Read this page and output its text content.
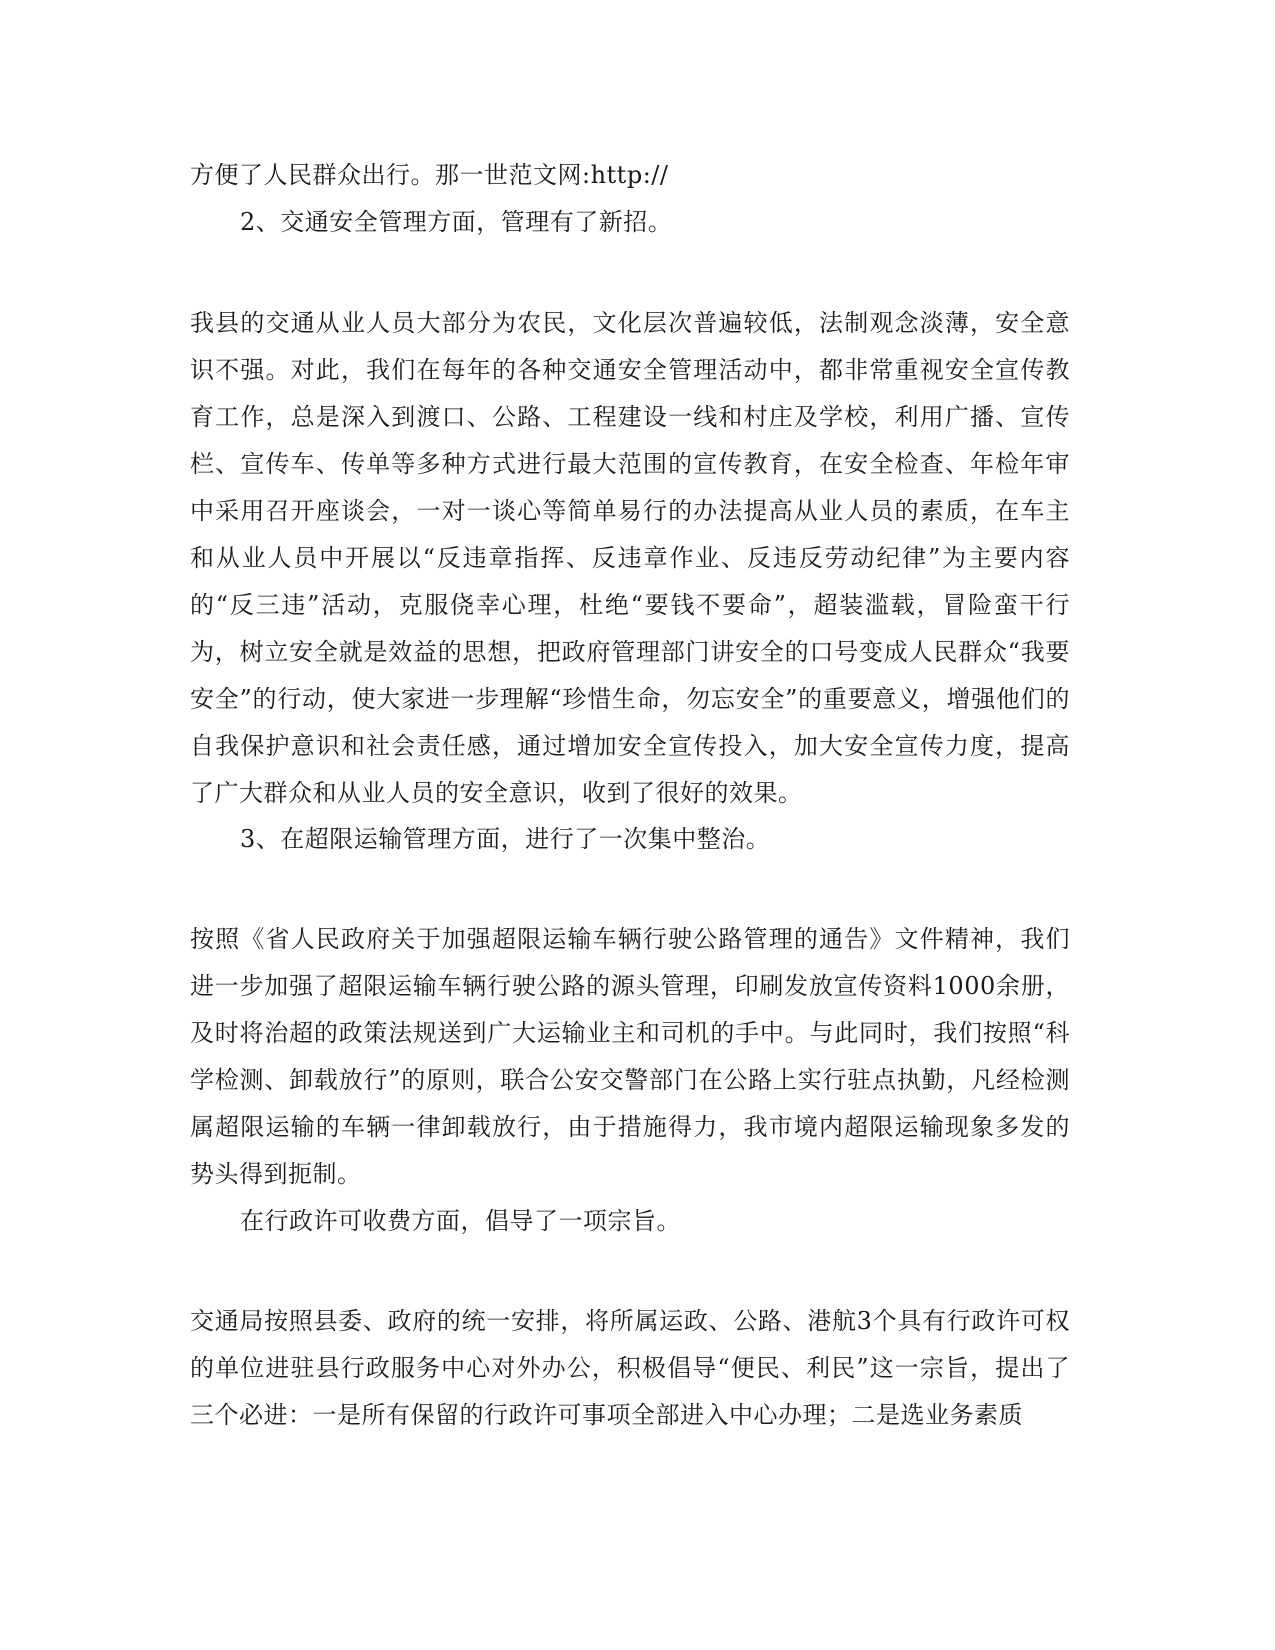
方便了人民群众出行。那一世范文网:http://

2、交通安全管理方面，管理有了新招。

我县的交通从业人员大部分为农民，文化层次普遍较低，法制观念淡薄，安全意识不强。对此，我们在每年的各种交通安全管理活动中，都非常重视安全宣传教育工作，总是深入到渡口、公路、工程建设一线和村庄及学校，利用广播、宣传栏、宣传车、传单等多种方式进行最大范围的宣传教育，在安全检查、年检年审中采用召开座谈会，一对一谈心等简单易行的办法提高从业人员的素质，在车主和从业人员中开展以“反违章指挥、反违章作业、反违反劳动纪律”为主要内容的“反三违”活动，克服侥幸心理，杜绝“要钱不要命”，超装滥载，冒险蛮干行为，树立安全就是效益的思想，把政府管理部门讲安全的口号变成人民群众“我要安全”的行动，使大家进一步理解“珍惜生命，勿忘安全”的重要意义，增强他们的自我保护意识和社会责任感，通过增加安全宣传投入，加大安全宣传力度，提高了广大群众和从业人员的安全意识，收到了很好的效果。

3、在超限运输管理方面，进行了一次集中整治。

按照《省人民政府关于加强超限运输车辆行驶公路管理的通告》文件精神，我们进一步加强了超限运输车辆行驶公路的源头管理，印刷发放宣传资料1000余册，及时将治超的政策法规送到广大运输业主和司机的手中。与此同时，我们按照“科学检测、卸载放行”的原则，联合公安交警部门在公路上实行驻点执勤，凡经检测属超限运输的车辆一律卸载放行，由于措施得力，我市境内超限运输现象多发的势头得到扼制。

在行政许可收费方面，倡导了一项宗旨。

交通局按照县委、政府的统一安排，将所属运政、公路、港航3个具有行政许可权的单位进驻县行政服务中心对外办公，积极倡导“便民、利民”这一宗旨，提出了三个必进：一是所有保留的行政许可事项全部进入中心办理；二是选业务素质
